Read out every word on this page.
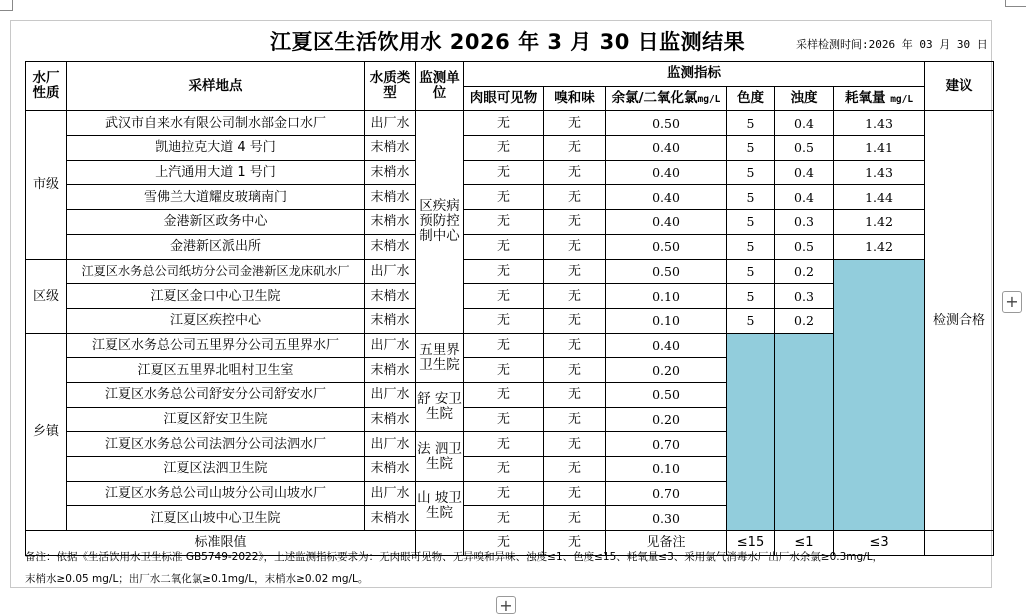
江夏区生活饮用水 2026 年 3 月 30 日监测结果	采样检测时间:2026 年 03 月 30 日
水厂性质	采样地点	水质类型	监测单位	监测指标						建议
				肉眼可见物	嗅和味	余氯/二氧化氯mg/L	色度	浊度	耗氧量 mg/L	
市级	武汉市自来水有限公司制水部金口水厂	出厂水	区疾病预防控制中心	无	无	0.50	5	0.4	1.43	检测合格
	凯迪拉克大道 4 号门	末梢水		无	无	0.40	5	0.5	1.41	
	上汽通用大道 1 号门	末梢水		无	无	0.40	5	0.4	1.43	
	雪佛兰大道耀皮玻璃南门	末梢水		无	无	0.40	5	0.4	1.44	
	金港新区政务中心	末梢水		无	无	0.40	5	0.3	1.42	
	金港新区派出所	末梢水		无	无	0.50	5	0.5	1.42	
区级	江夏区水务总公司纸坊分公司金港新区龙床矶水厂	出厂水		无	无	0.50	5	0.2		
	江夏区金口中心卫生院	末梢水		无	无	0.10	5	0.3		
	江夏区疾控中心	末梢水		无	无	0.10	5	0.2		
乡镇	江夏区水务总公司五里界分公司五里界水厂	出厂水	五里界卫生院	无	无	0.40				
	江夏区五里界北咀村卫生室	末梢水		无	无	0.20				
	江夏区水务总公司舒安分公司舒安水厂	出厂水	舒 安卫生院	无	无	0.50				
	江夏区舒安卫生院	末梢水		无	无	0.20				
	江夏区水务总公司法泗分公司法泗水厂	出厂水	法 泗卫生院	无	无	0.70				
	江夏区法泗卫生院	末梢水		无	无	0.10				
	江夏区水务总公司山坡分公司山坡水厂	出厂水	山 坡卫生院	无	无	0.70				
	江夏区山坡中心卫生院	末梢水		无	无	0.30				
标准限值				无	无	见备注	≤15	≤1	≤3	
备注：依据《生活饮用水卫生标准 GB5749-2022》，上述监测指标要求为：无肉眼可见物、无异嗅和异味、浊度≤1、色度≤15、耗氧量≤3、采用氯气消毒水厂出厂水余氯≥0.3mg/L，
末梢水≥0.05 mg/L；出厂水二氧化氯≥0.1mg/L，末梢水≥0.02 mg/L。
+
+
